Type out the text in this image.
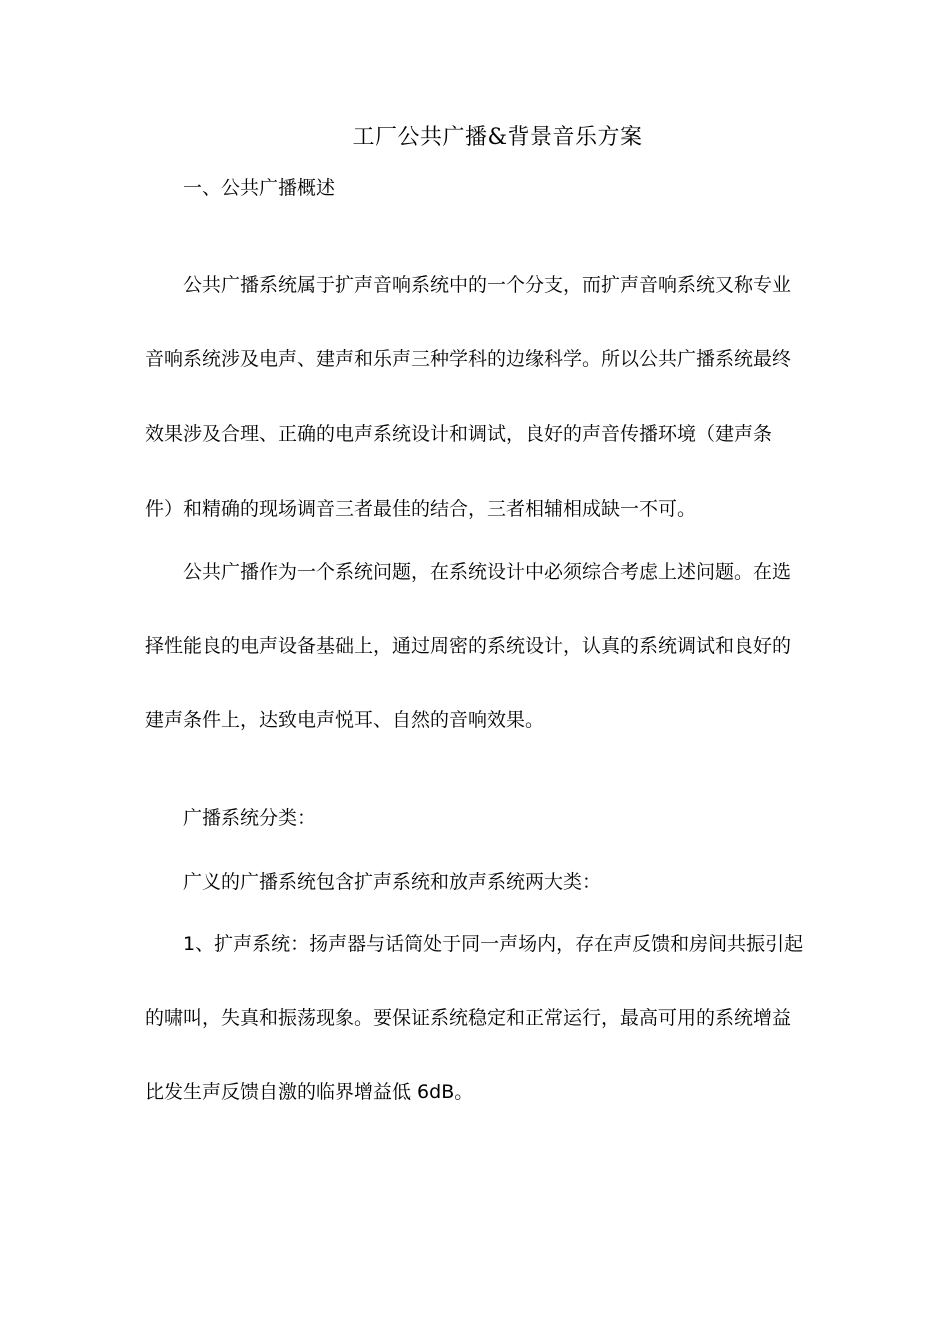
工厂公共广播&背景音乐方案
一、公共广播概述
公共广播系统属于扩声音响系统中的一个分支，而扩声音响系统又称专业
音响系统涉及电声、建声和乐声三种学科的边缘科学。所以公共广播系统最终
效果涉及合理、正确的电声系统设计和调试，良好的声音传播环境（建声条
件）和精确的现场调音三者最佳的结合，三者相辅相成缺一不可。
公共广播作为一个系统问题，在系统设计中必须综合考虑上述问题。在选
择性能良的电声设备基础上，通过周密的系统设计，认真的系统调试和良好的
建声条件上，达致电声悦耳、自然的音响效果。
广播系统分类：
广义的广播系统包含扩声系统和放声系统两大类：
1、扩声系统：扬声器与话筒处于同一声场内，存在声反馈和房间共振引起
的啸叫，失真和振荡现象。要保证系统稳定和正常运行，最高可用的系统增益
比发生声反馈自激的临界增益低 6dB。
